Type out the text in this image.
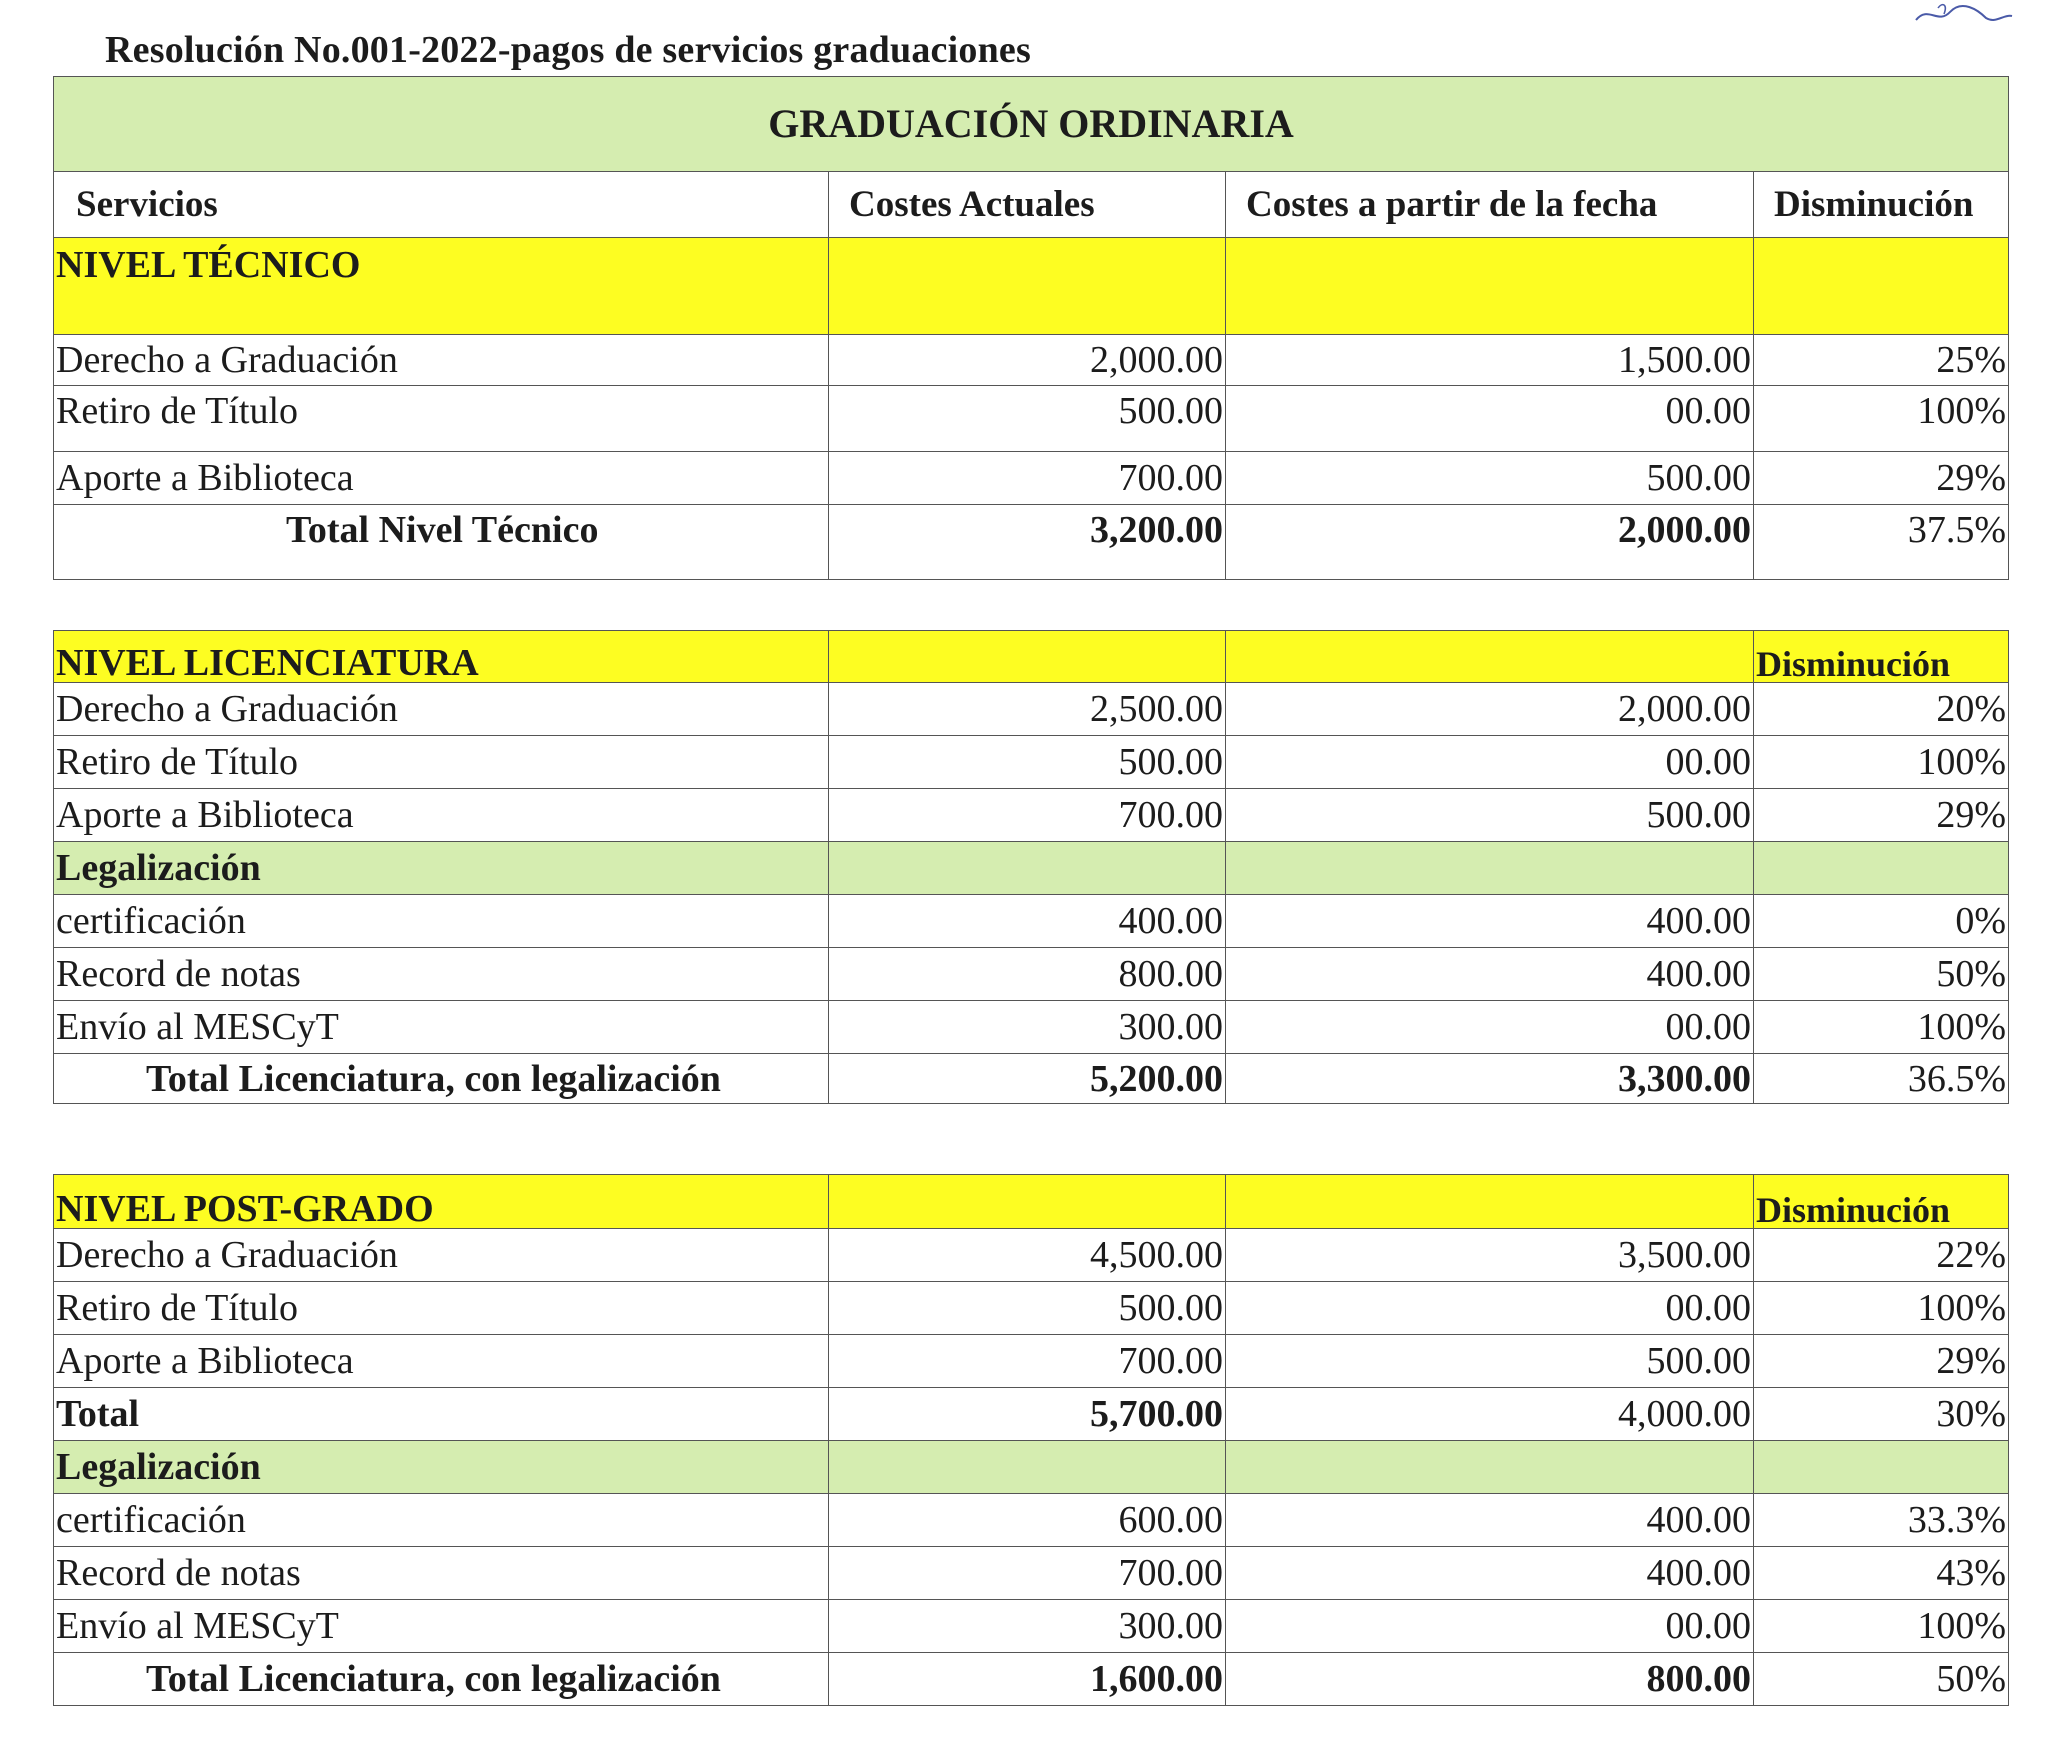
Resolución No.001-2022-pagos de servicios graduaciones
GRADUACIÓN ORDINARIA			
Servicios	Costes Actuales	Costes a partir de la fecha	Disminución
NIVEL TÉCNICO			
Derecho a Graduación	2,000.00	1,500.00	25%
Retiro de Título	500.00	00.00	100%
Aporte a Biblioteca	700.00	500.00	29%
Total Nivel Técnico	3,200.00	2,000.00	37.5%
NIVEL LICENCIATURA			Disminución
Derecho a Graduación	2,500.00	2,000.00	20%
Retiro de Título	500.00	00.00	100%
Aporte a Biblioteca	700.00	500.00	29%
Legalización			
certificación	400.00	400.00	0%
Record de notas	800.00	400.00	50%
Envío al MESCyT	300.00	00.00	100%
Total Licenciatura, con legalización	5,200.00	3,300.00	36.5%
NIVEL POST-GRADO			Disminución
Derecho a Graduación	4,500.00	3,500.00	22%
Retiro de Título	500.00	00.00	100%
Aporte a Biblioteca	700.00	500.00	29%
Total	5,700.00	4,000.00	30%
Legalización			
certificación	600.00	400.00	33.3%
Record de notas	700.00	400.00	43%
Envío al MESCyT	300.00	00.00	100%
Total Licenciatura, con legalización	1,600.00	800.00	50%
